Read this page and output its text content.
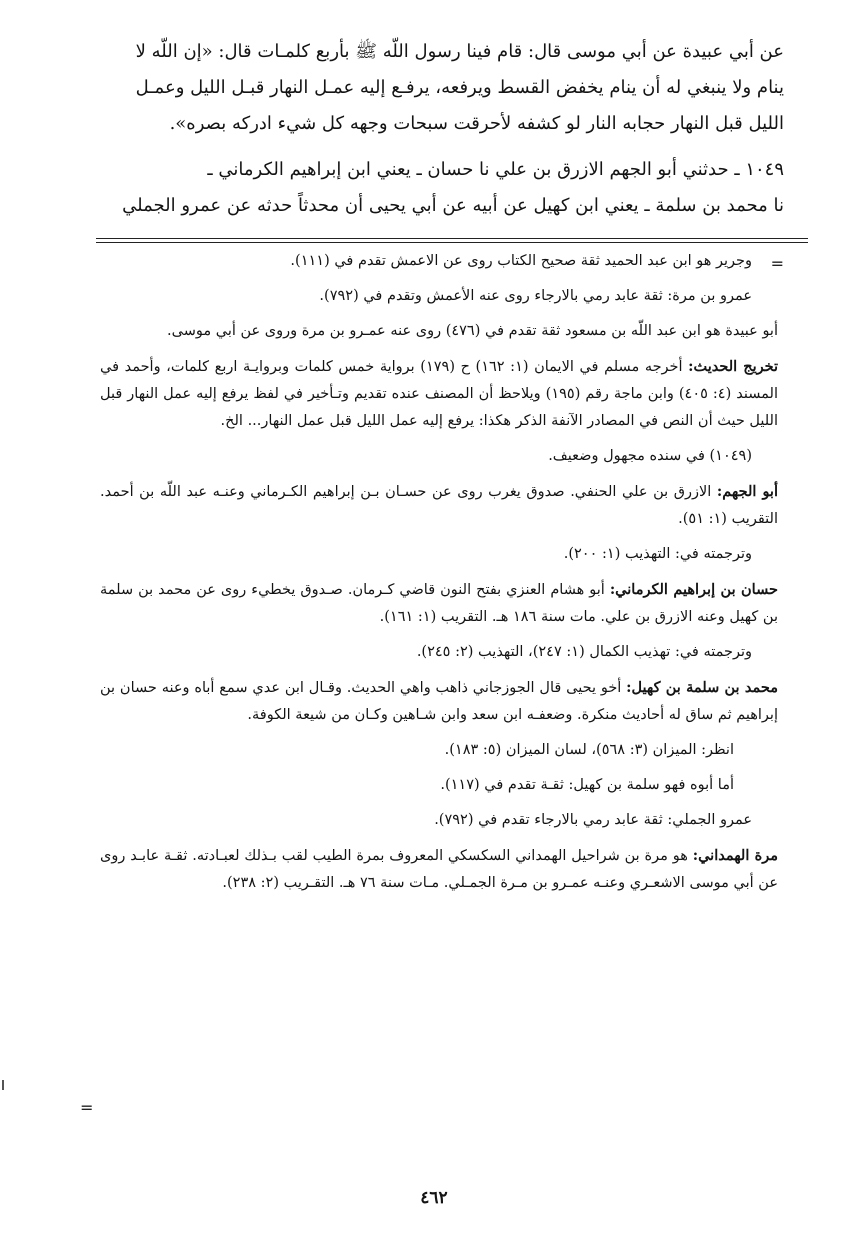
عن أبي عبيدة عن أبي موسى قال: قام فينا رسول اللّه ﷺ بأربع كلمـات قال: «إن اللّه لا

ينام ولا ينبغي له أن ينام يخفض القسط ويرفعه، يرفـع إليه عمـل النهار قبـل الليل وعمـل

الليل قبل النهار حجابه النار لو كشفه لأحرقت سبحات وجهه كل شيء ادركه بصره».

١٠٤٩ ـ حدثني أبو الجهم الازرق بن علي نا حسان ـ يعني ابن إبراهيم الكرماني ـ

نا محمد بن سلمة ـ يعني ابن كهيل عن أبيه عن أبي يحيى أن محدثاً حدثه عن عمرو الجملي

=
=

وجرير هو ابن عبد الحميد ثقة صحيح الكتاب روى عن الاعمش تقدم في (١١١).

عمرو بن مرة: ثقة عابد رمي بالارجاء روى عنه الأعمش وتقدم في (٧٩٢).

أبو عبيدة هو ابن عبد اللّه بن مسعود ثقة تقدم في (٤٧٦) روى عنه عمـرو بن مرة وروى عن أبي موسى.

تخريج الحديث: أخرجه مسلم في الايمان (١: ١٦٢) ح (١٧٩) برواية خمس كلمات وبروايـة اربع كلمات، وأحمد في المسند (٤: ٤٠٥) وابن ماجة رقم (١٩٥) ويلاحظ أن المصنف عنده تقديم وتـأخير في لفظ يرفع إليه عمل النهار قبل الليل حيث أن النص في المصادر الآنفة الذكر هكذا: يرفع إليه عمل الليل قبل عمل النهار... الخ.

(١٠٤٩) في سنده مجهول وضعيف.

أبو الجهم: الازرق بن علي الحنفي. صدوق يغرب روى عن حسـان بـن إبراهيم الكـرماني وعنـه عبد اللّه بن أحمد. التقريب (١: ٥١).

وترجمته في: التهذيب (١: ٢٠٠).

حسان بن إبراهيم الكرماني: أبو هشام العنزي بفتح النون قاضي كـرمان. صـدوق يخطيء روى عن محمد بن سلمة بن كهيل وعنه الازرق بن علي. مات سنة ١٨٦ هـ. التقريب (١: ١٦١).

وترجمته في: تهذيب الكمال (١: ٢٤٧)، التهذيب (٢: ٢٤٥).

محمد بن سلمة بن كهيل: أخو يحيى قال الجوزجاني ذاهب واهي الحديث. وقـال ابن عدي سمع أباه وعنه حسان بن إبراهيم ثم ساق له أحاديث منكرة. وضعفـه ابن سعد وابن شـاهين وكـان من شيعة الكوفة.

انظر: الميزان (٣: ٥٦٨)، لسان الميزان (٥: ١٨٣).

أما أبوه فهو سلمة بن كهيل: ثقـة تقدم في (١١٧).

عمرو الجملي: ثقة عابد رمي بالارجاء تقدم في (٧٩٢).

مرة الهمداني: هو مرة بن شراحيل الهمداني السكسكي المعروف بمرة الطيب لقب بـذلك لعبـادته. ثقـة عابـد روى عن أبي موسى الاشعـري وعنـه عمـرو بن مـرة الجمـلي. مـات سنة ٧٦ هـ. التقـريب (٢: ٢٣٨).

٤٦٢
